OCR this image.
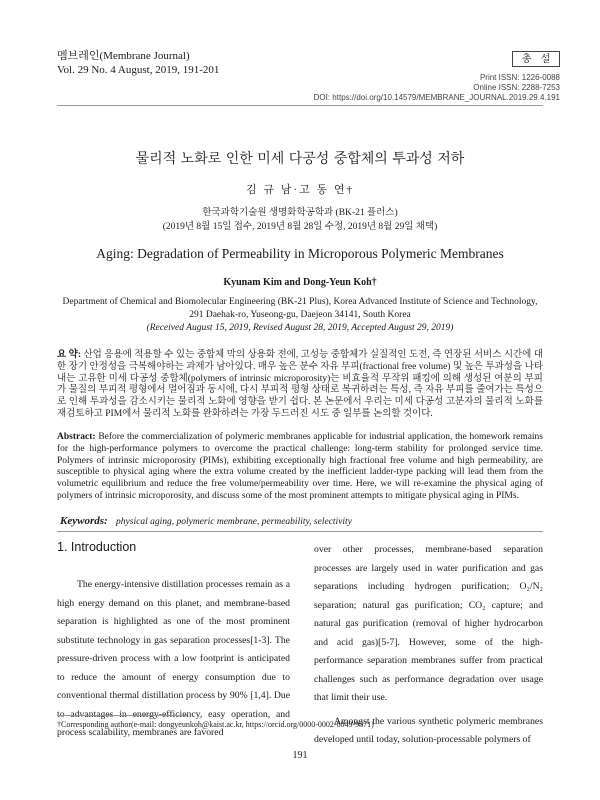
멤브레인(Membrane Journal)
Vol. 29 No. 4 August, 2019, 191-201
총 설
Print ISSN: 1226-0088
Online ISSN: 2288-7253
DOI: https://doi.org/10.14579/MEMBRANE_JOURNAL.2019.29.4.191
물리적 노화로 인한 미세 다공성 중합체의 투과성 저하
김 규 남·고 동 연†
한국과학기술원 생명화학공학과 (BK-21 플러스)
(2019년 8월 15일 접수, 2019년 8월 28일 수정, 2019년 8월 29일 채택)
Aging: Degradation of Permeability in Microporous Polymeric Membranes
Kyunam Kim and Dong-Yeun Koh†
Department of Chemical and Biomolecular Engineering (BK-21 Plus), Korea Advanced Institute of Science and Technology,
291 Daehak-ro, Yuseong-gu, Daejeon 34141, South Korea
(Received August 15, 2019, Revised August 28, 2019, Accepted August 29, 2019)
요 약: 산업 응용에 적용할 수 있는 중합체 막의 상용화 전에, 고성능 중합체가 실질적인 도전, 즉 연장된 서비스 시간에 대한 장기 안정성을 극복해야하는 과제가 남아있다. 매우 높은 분수 자유 부피(fractional free volume) 및 높은 투과성을 나타내는 고유한 미세 다공성 중합체(polymers of intrinsic microporosity)는 비효율적 무작위 패킹에 의해 생성된 여분의 부피가 물질의 부피적 평형에서 멀어짐과 동시에, 다시 부피적 평형 상태로 복귀하려는 특성, 즉 자유 부피를 줄여가는 특성으로 인해 투과성을 감소시키는 물리적 노화에 영향을 받기 쉽다. 본 논문에서 우리는 미세 다공성 고분자의 물리적 노화를 재검토하고 PIM에서 물리적 노화를 완화하려는 가장 두드러진 시도 중 일부를 논의할 것이다.
Abstract: Before the commercialization of polymeric membranes applicable for industrial application, the homework remains for the high-performance polymers to overcome the practical challenge: long-term stability for prolonged service time. Polymers of intrinsic microporosity (PIMs), exhibiting exceptionally high fractional free volume and high permeability, are susceptible to physical aging where the extra volume created by the inefficient ladder-type packing will lead them from the volumetric equilibrium and reduce the free volume/permeability over time. Here, we will re-examine the physical aging of polymers of intrinsic microporosity, and discuss some of the most prominent attempts to mitigate physical aging in PIMs.
Keywords: physical aging, polymeric membrane, permeability, selectivity
1. Introduction

The energy-intensive distillation processes remain as a high energy demand on this planet, and membrane-based separation is highlighted as one of the most prominent substitute technology in gas separation processes[1-3]. The pressure-driven process with a low footprint is anticipated to reduce the amount of energy consumption due to conventional thermal distillation process by 90% [1,4]. Due to advantages in energy-efficiency, easy operation, and process scalability, membranes are favored

over other processes, membrane-based separation processes are largely used in water purification and gas separations including hydrogen purification; O₂/N₂ separation; natural gas purification; CO₂ capture; and natural gas purification (removal of higher hydrocarbon and acid gas)[5-7]. However, some of the high-performance separation membranes suffer from practical challenges such as performance degradation over usage that limit their use.

Amongst the various synthetic polymeric membranes developed until today, solution-processable polymers of

†Corresponding author(e-mail: dongyeunkoh@kaist.ac.kr, https://orcid.org/0000-0002-6049-9371)
191
